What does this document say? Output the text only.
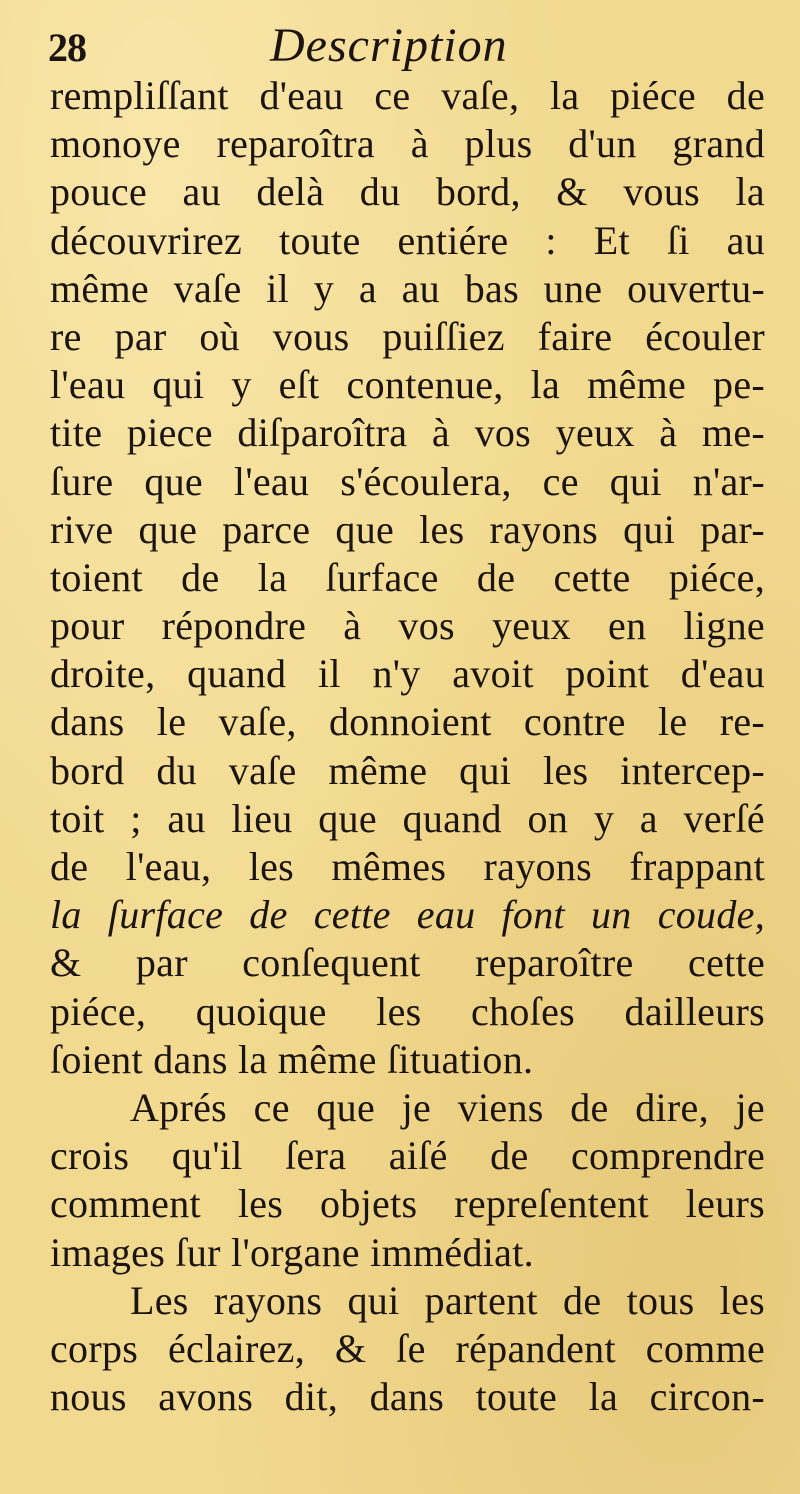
28	Description
rempliſſant d'eau ce vaſe, la piéce de
monoye reparoîtra à plus d'un grand
pouce au delà du bord, & vous la
découvrirez toute entiére : Et ſi au
même vaſe il y a au bas une ouvertu-
re par où vous puiſſiez faire écouler
l'eau qui y eſt contenue, la même pe-
tite piece diſparoîtra à vos yeux à me-
ſure que l'eau s'écoulera, ce qui n'ar-
rive que parce que les rayons qui par-
toient de la ſurface de cette piéce,
pour répondre à vos yeux en ligne
droite, quand il n'y avoit point d'eau
dans le vaſe, donnoient contre le re-
bord du vaſe même qui les intercep-
toit ; au lieu que quand on y a verſé
de l'eau, les mêmes rayons frappant
la ſurface de cette eau font un coude,
& par conſequent reparoître cette
piéce, quoique les choſes dailleurs
ſoient dans la même ſituation.
Aprés ce que je viens de dire, je
crois qu'il ſera aiſé de comprendre
comment les objets repreſentent leurs
images ſur l'organe immédiat.
Les rayons qui partent de tous les
corps éclairez, & ſe répandent comme
nous avons dit, dans toute la circon-
